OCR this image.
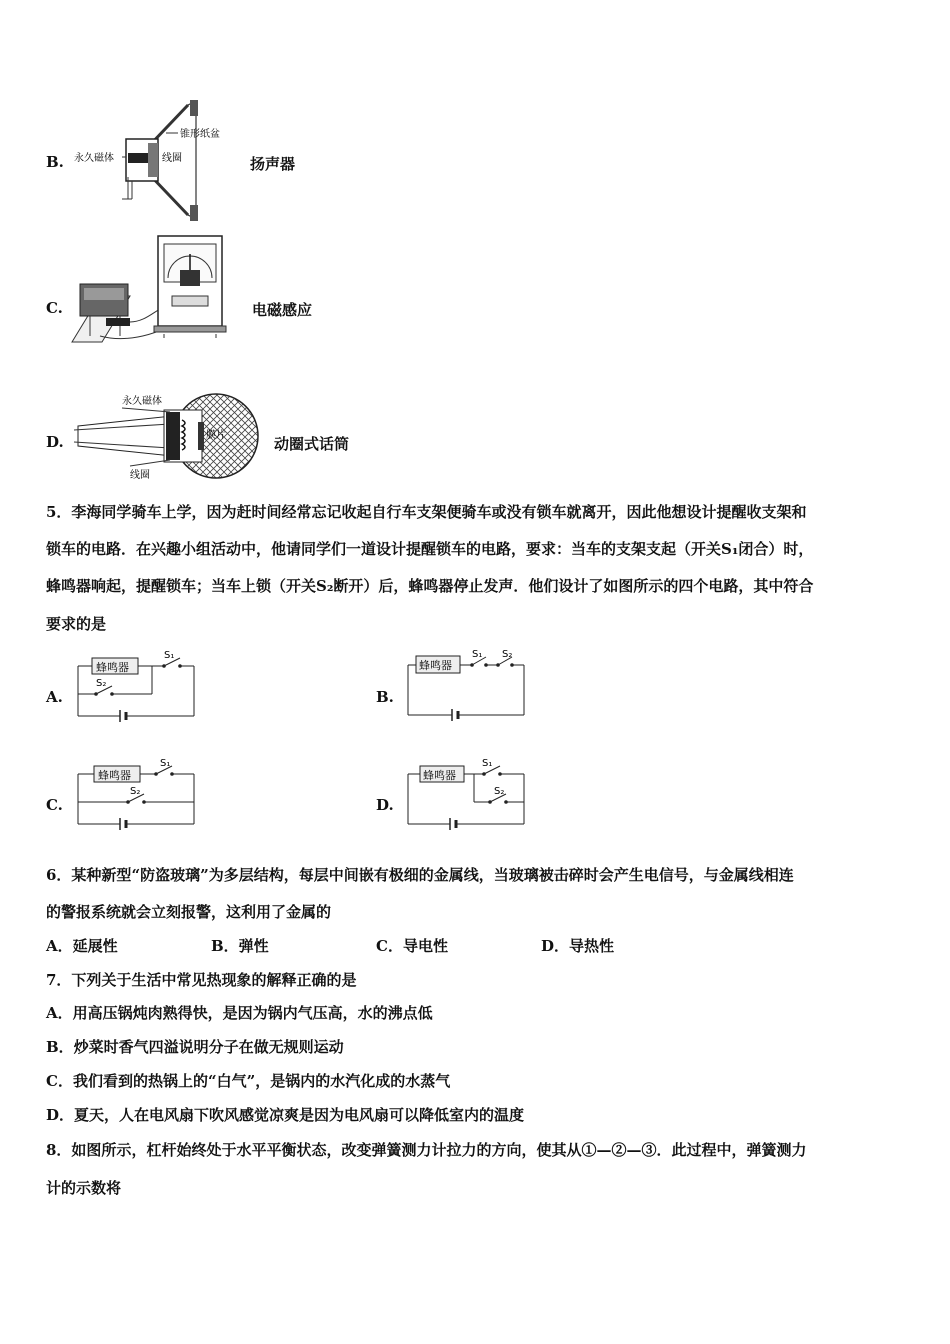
B.
锥形纸盆
永久磁体	线圈	扬声器
C.	电磁感应
D.
永久磁体
膜片
线圈
动圈式话筒
5．李海同学骑车上学，因为赶时间经常忘记收起自行车支架便骑车或没有锁车就离开，因此他想设计提醒收支架和
锁车的电路．在兴趣小组活动中，他请同学们一道设计提醒锁车的电路，要求：当车的支架支起（开关S₁闭合）时，
蜂鸣器响起，提醒锁车；当车上锁（开关S₂断开）后，蜂鸣器停止发声．他们设计了如图所示的四个电路，其中符合
要求的是
A.
蜂鸣器
S₁
S₂
B.
蜂鸣器
S₁ S₂
C.
蜂鸣器
S₁
S₂
D.
蜂鸣器
S₁
S₂
6．某种新型“防盗玻璃”为多层结构，每层中间嵌有极细的金属线，当玻璃被击碎时会产生电信号，与金属线相连
的警报系统就会立刻报警，这利用了金属的
A．延展性	B．弹性	C．导电性	D．导热性
7．下列关于生活中常见热现象的解释正确的是
A．用高压锅炖肉熟得快，是因为锅内气压高，水的沸点低
B．炒菜时香气四溢说明分子在做无规则运动
C．我们看到的热锅上的“白气”，是锅内的水汽化成的水蒸气
D．夏天，人在电风扇下吹风感觉凉爽是因为电风扇可以降低室内的温度
8．如图所示，杠杆始终处于水平平衡状态，改变弹簧测力计拉力的方向，使其从①—②—③．此过程中，弹簧测力
计的示数将
